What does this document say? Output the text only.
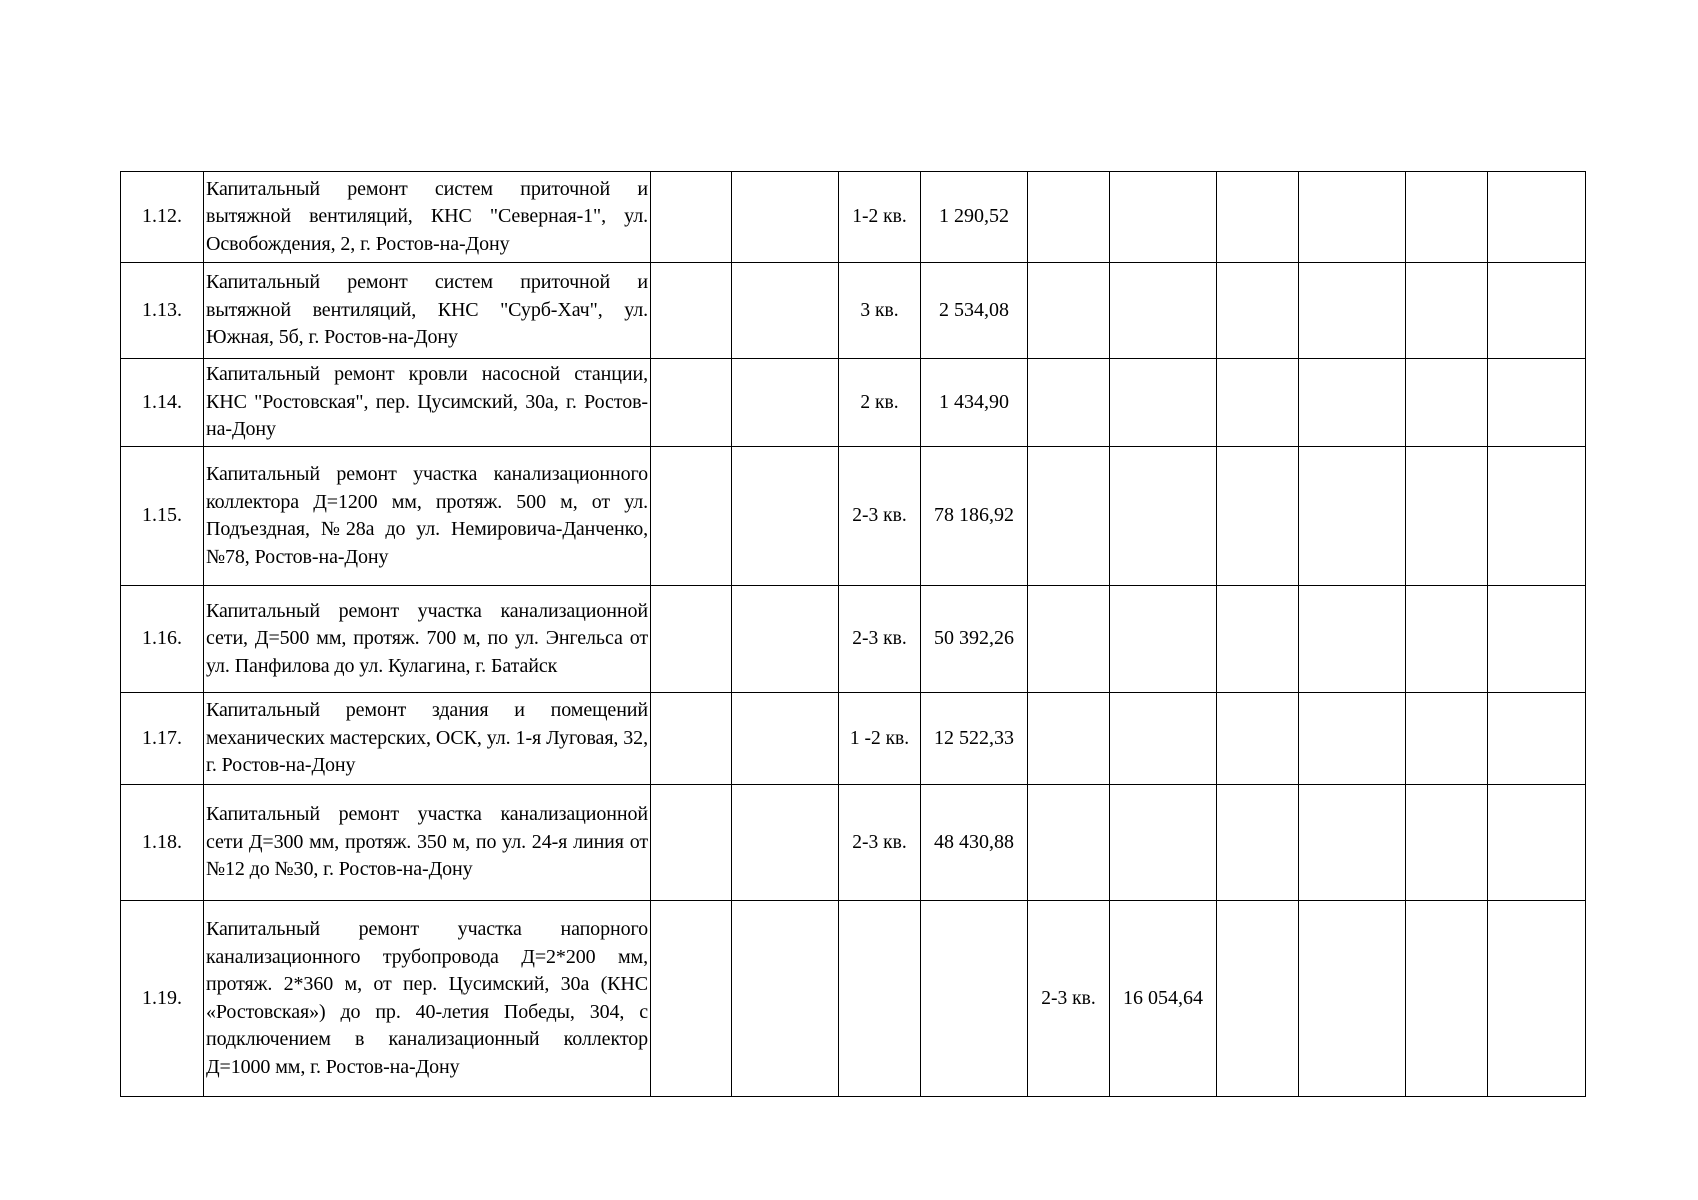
1.12.	Капитальный ремонт систем приточной и вытяжной вентиляций, КНС "Северная-1", ул. Освобождения, 2, г. Ростов-на-Дону			1-2 кв.	1 290,52						
1.13.	Капитальный ремонт систем приточной и вытяжной вентиляций, КНС "Сурб-Хач", ул. Южная, 5б, г. Ростов-на-Дону			3 кв.	2 534,08						
1.14.	Капитальный ремонт кровли насосной станции, КНС "Ростовская", пер. Цусимский, 30а, г. Ростов-на-Дону			2 кв.	1 434,90						
1.15.	Капитальный ремонт участка канализационного коллектора Д=1200 мм, протяж. 500 м, от ул. Подъездная, №28а до ул. Немировича-Данченко, №78, Ростов-на-Дону			2-3 кв.	78 186,92						
1.16.	Капитальный ремонт участка канализационной сети, Д=500 мм, протяж. 700 м, по ул. Энгельса от ул. Панфилова до ул. Кулагина, г. Батайск			2-3 кв.	50 392,26						
1.17.	Капитальный ремонт здания и помещений механических мастерских, ОСК, ул. 1-я Луговая, 32, г. Ростов-на-Дону			1 -2 кв.	12 522,33						
1.18.	Капитальный ремонт участка канализационной сети Д=300 мм, протяж. 350 м, по ул. 24-я линия от №12 до №30, г. Ростов-на-Дону			2-3 кв.	48 430,88						
1.19.	Капитальный ремонт участка напорного канализационного трубопровода Д=2*200 мм, протяж. 2*360 м, от пер. Цусимский, 30а (КНС «Ростовская») до пр. 40-летия Победы, 304, с подключением в канализационный коллектор Д=1000 мм, г. Ростов-на-Дону					2-3 кв.	16 054,64				
